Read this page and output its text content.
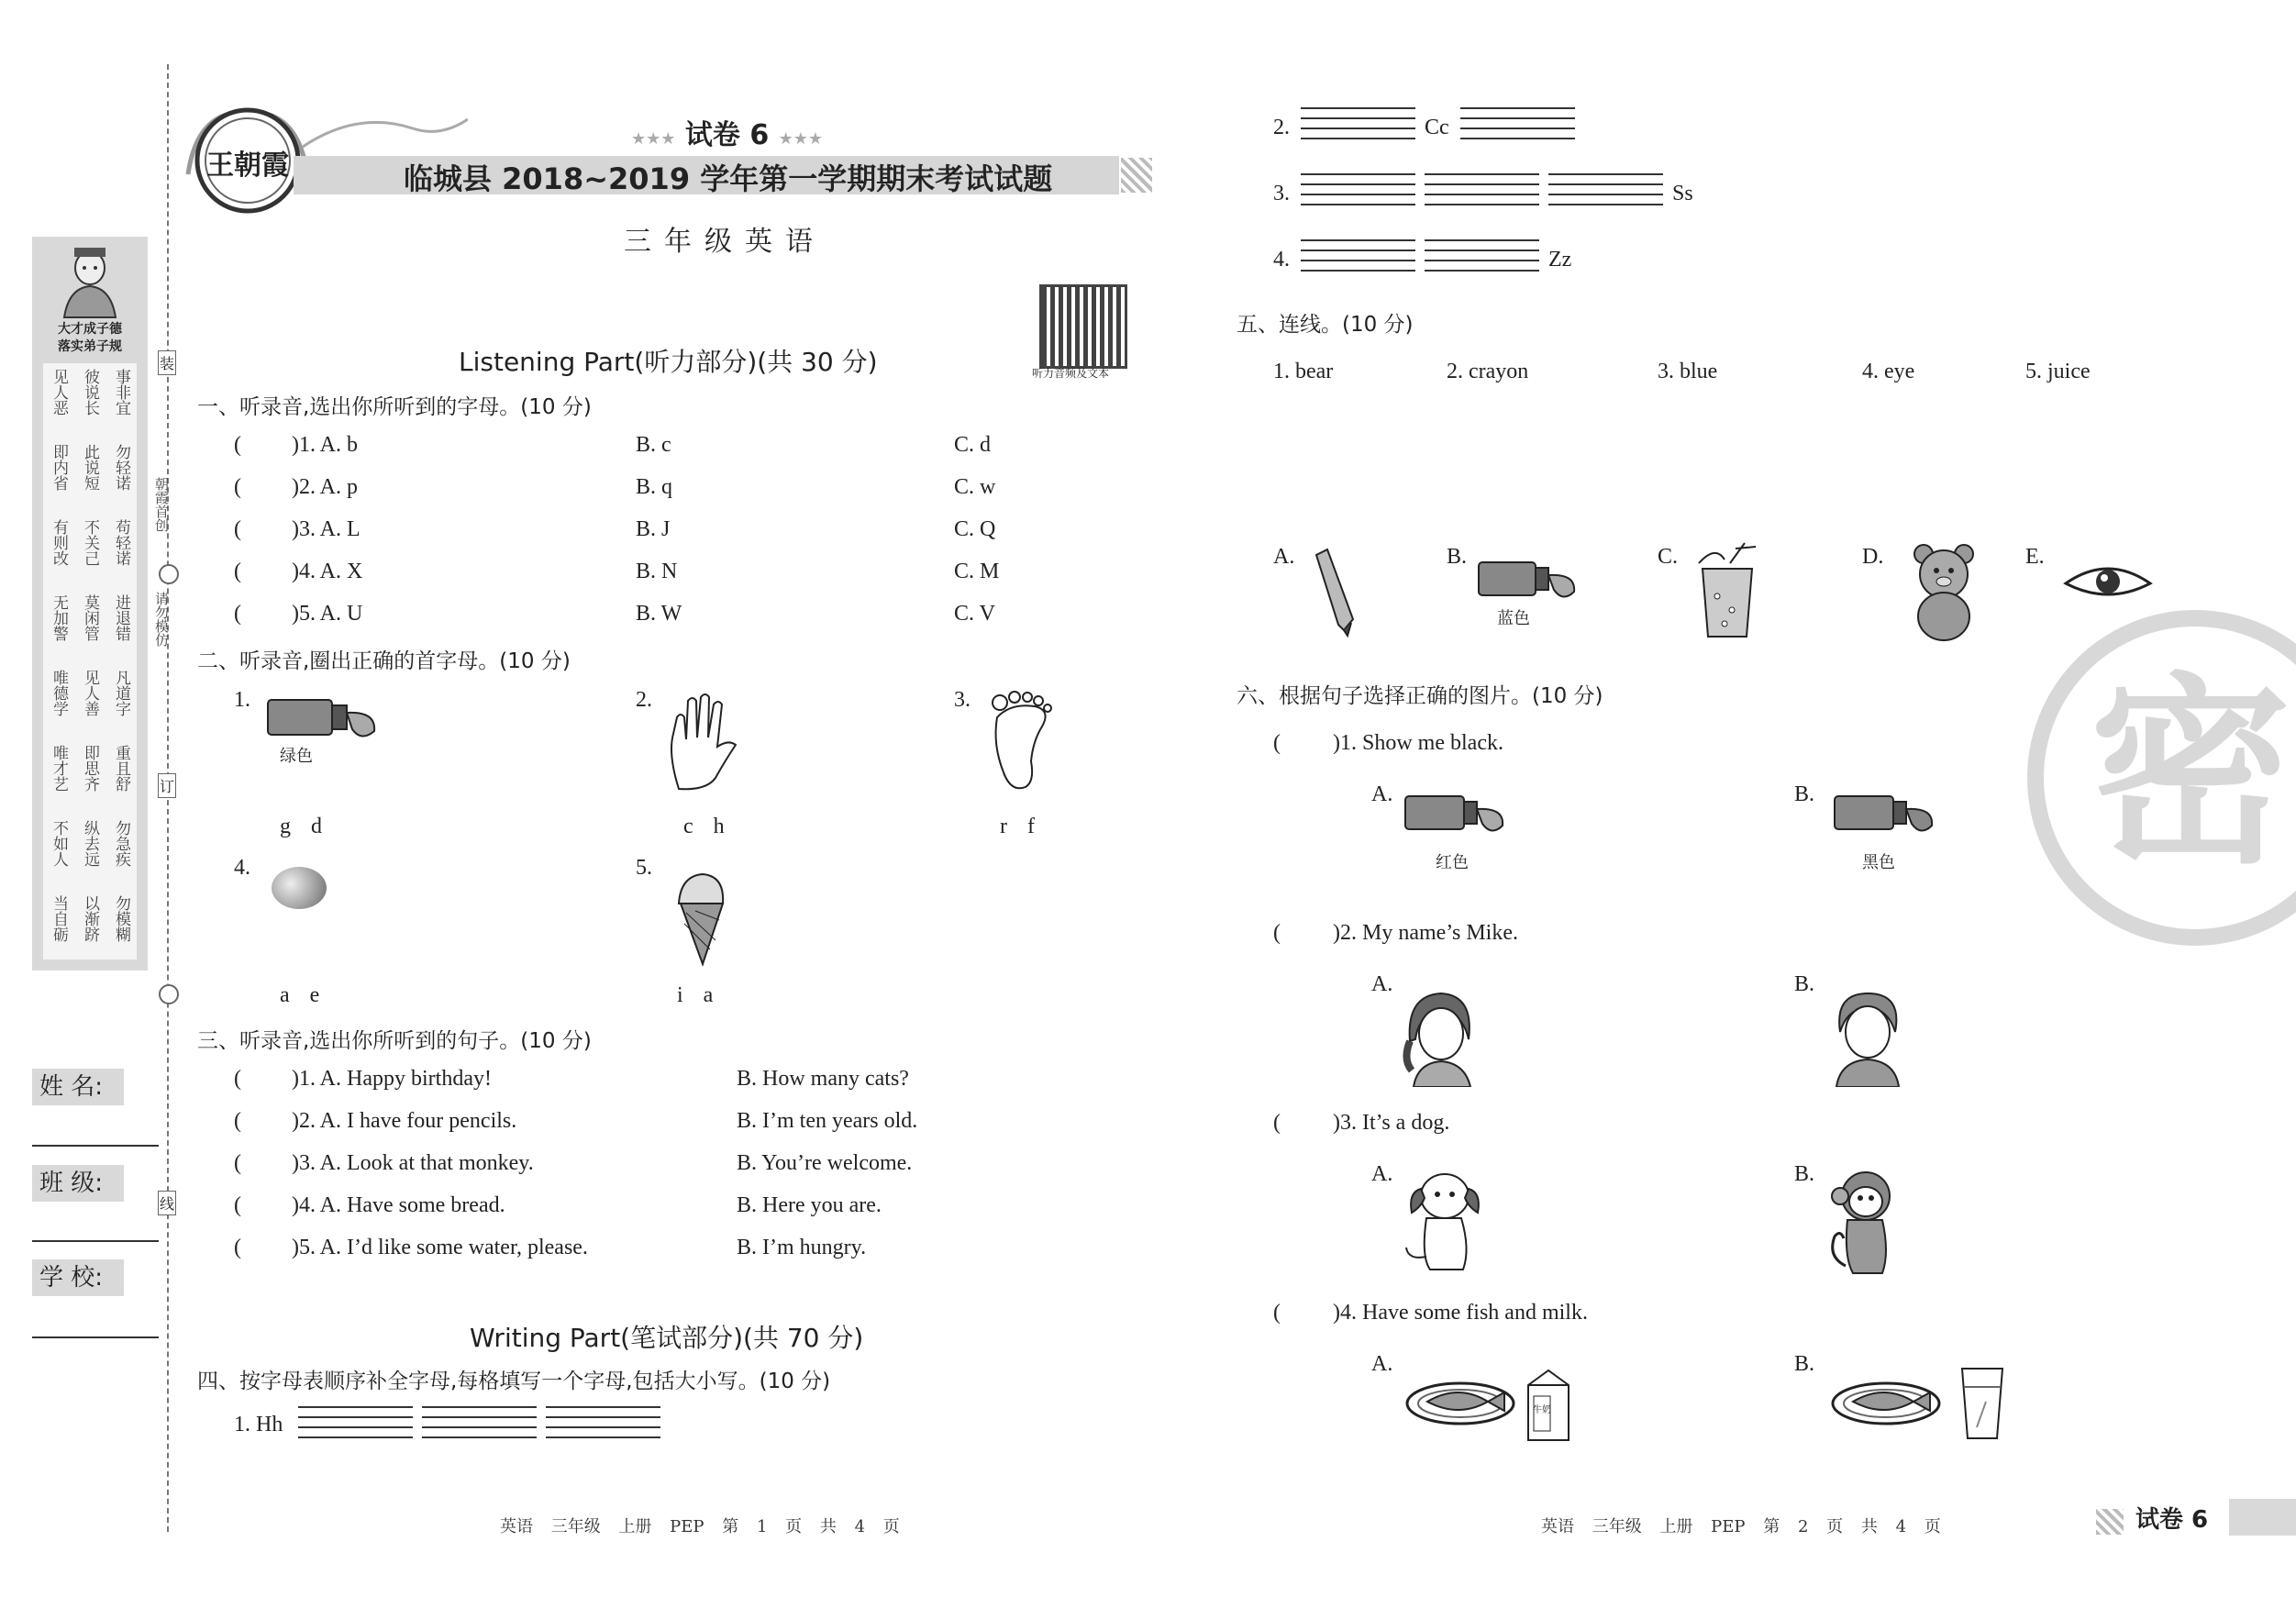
大才成子德
落实弟子规
见人恶 彼说长 事非宜
即内省 此说短 勿轻诺
有则改 不关己 苟轻诺
无加警 莫闲管 进退错
唯德学 见人善 凡道字
唯才艺 即思齐 重且舒
不如人 纵去远 勿急疾
当自砺 以渐跻 勿模糊
装
订
线
朝霞首创
请勿模仿
姓 名:
班 级:
学 校:
王朝霞
★★★ 试卷 6 ★★★
临城县 2018~2019 学年第一学期期末考试试题
三年级英语
听力音频及文本
Listening Part(听力部分)(共 30 分)
一、听录音,选出你所听到的字母。(10 分)
( )1. A. b	B. c	C. d
( )2. A. p	B. q	C. w
( )3. A. L	B. J	C. Q
( )4. A. X	B. N	C. M
( )5. A. U	B. W	C. V
二、听录音,圈出正确的首字母。(10 分)
1.
绿色
g d
2.
c h
3.
r f
4.
a e
5.
i a
三、听录音,选出你所听到的句子。(10 分)
( )1. A. Happy birthday!	B. How many cats?
( )2. A. I have four pencils.	B. I’m ten years old.
( )3. A. Look at that monkey.	B. You’re welcome.
( )4. A. Have some bread.	B. Here you are.
( )5. A. I’d like some water, please.	B. I’m hungry.
Writing Part(笔试部分)(共 70 分)
四、按字母表顺序补全字母,每格填写一个字母,包括大小写。(10 分)
1. Hh
2.	Cc
3.	Ss
4.	Zz
五、连线。(10 分)
1. bear	2. crayon	3. blue	4. eye	5. juice
A.	B.
蓝色
C.	D.	E.
六、根据句子选择正确的图片。(10 分)
( )1. Show me black.
A.
红色
B.
黑色
( )2. My name’s Mike.
A.	B.
( )3. It’s a dog.
A.	B.
( )4. Have some fish and milk.
A.
牛奶
B.
密
英语 三年级 上册 PEP 第 1 页 共 4 页	英语 三年级 上册 PEP 第 2 页 共 4 页	试卷 6
